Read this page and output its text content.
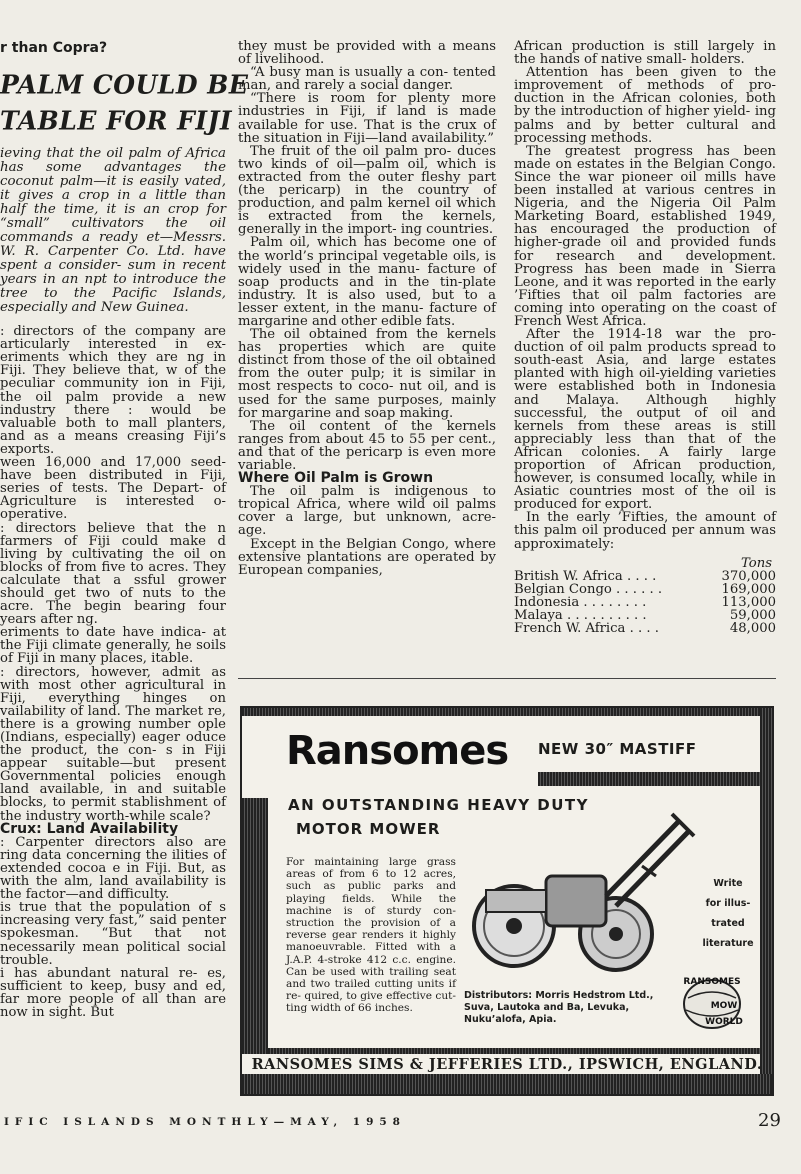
r than Copra?
PALM COULD BE
TABLE FOR FIJI
ieving that the oil palm of Africa has some advantages the coconut palm—it is easily vated, it gives a crop in a little than half the time, it is an crop for “small” cultivators the oil commands a ready et—Messrs. W. R. Carpenter Co. Ltd. have spent a consider- sum in recent years in an npt to introduce the tree to the Pacific Islands, especially and New Guinea.

: directors of the company are articularly interested in ex- eriments which they are ng in Fiji. They believe that, w of the peculiar community ion in Fiji, the oil palm provide a new industry there : would be valuable both to mall planters, and as a means creasing Fiji’s exports.

ween 16,000 and 17,000 seed- have been distributed in Fiji, series of tests. The Depart- of Agriculture is interested o-operative.

: directors believe that the n farmers of Fiji could make d living by cultivating the oil on blocks of from five to acres. They calculate that a ssful grower should get two of nuts to the acre. The begin bearing four years after ng.

eriments to date have indica- at the Fiji climate generally, he soils of Fiji in many places, itable.

: directors, however, admit as with most other agricultural in Fiji, everything hinges on vailability of land. The market re, there is a growing number ople (Indians, especially) eager oduce the product, the con- s in Fiji appear suitable—but present Governmental policies enough land available, in and suitable blocks, to permit stablishment of the industry worth-while scale?

Crux: Land Availability

: Carpenter directors also are ring data concerning the ilities of extended cocoa e in Fiji. But, as with the alm, land availability is the factor—and difficulty.

is true that the population of s increasing very fast,” said penter spokesman. “But that not necessarily mean political social trouble.

i has abundant natural re- es, sufficient to keep, busy and ed, far more people of all than are now in sight. But

they must be provided with a means of livelihood.

“A busy man is usually a con- tented man, and rarely a social danger.

“There is room for plenty more industries in Fiji, if land is made available for use. That is the crux of the situation in Fiji—land availability.”

The fruit of the oil palm pro- duces two kinds of oil—palm oil, which is extracted from the outer fleshy part (the pericarp) in the country of production, and palm kernel oil which is extracted from the kernels, generally in the import- ing countries.

Palm oil, which has become one of the world’s principal vegetable oils, is widely used in the manu- facture of soap products and in the tin-plate industry. It is also used, but to a lesser extent, in the manu- facture of margarine and other edible fats.

The oil obtained from the kernels has properties which are quite distinct from those of the oil obtained from the outer pulp; it is similar in most respects to coco- nut oil, and is used for the same purposes, mainly for margarine and soap making.

The oil content of the kernels ranges from about 45 to 55 per cent., and that of the pericarp is even more variable.

Where Oil Palm is Grown

The oil palm is indigenous to tropical Africa, where wild oil palms cover a large, but unknown, acre- age.

Except in the Belgian Congo, where extensive plantations are operated by European companies,

African production is still largely in the hands of native small- holders.

Attention has been given to the improvement of methods of pro- duction in the African colonies, both by the introduction of higher yield- ing palms and by better cultural and processing methods.

The greatest progress has been made on estates in the Belgian Congo. Since the war pioneer oil mills have been installed at various centres in Nigeria, and the Nigeria Oil Palm Marketing Board, established 1949, has encouraged the production of higher-grade oil and provided funds for research and development. Progress has been made in Sierra Leone, and it was reported in the early ’Fifties that oil palm factories are coming into operating on the coast of French West Africa.

After the 1914-18 war the pro- duction of oil palm products spread to south-east Asia, and large estates planted with high oil-yielding varieties were established both in Indonesia and Malaya. Although highly successful, the output of oil and kernels from these areas is still appreciably less than that of the African colonies. A fairly large proportion of African production, however, is consumed locally, while in Asiatic countries most of the oil is produced for export.

In the early ’Fifties, the amount of this palm oil produced per annum was approximately:

Tons
British W. Africa . . . .	370,000
Belgian Congo . . . . . .	169,000
Indonesia . . . . . . . .	113,000
Malaya . . . . . . . . . .	59,000
French W. Africa . . . .	48,000
Ransomes NEW 30″ MASTIFF
AN OUTSTANDING HEAVY DUTY
MOTOR MOWER
For maintaining large grass areas of from 6 to 12 acres, such as public parks and playing fields. While the machine is of sturdy con- struction the provision of a reverse gear renders it highly manoeuvrable. Fitted with a J.A.P. 4-stroke 412 c.c. engine. Can be used with trailing seat and two trailed cutting units if re- quired, to give effective cut- ting width of 66 inches.
Write
for illus-
trated
literature
Distributors: Morris Hedstrom Ltd., Suva, Lautoka and Ba, Levuka, Nuku’alofa, Apia.
RANSOMES
MOW
WORLD
RANSOMES SIMS & JEFFERIES LTD., IPSWICH, ENGLAND.
IFIC ISLANDS MONTHLY—MAY, 1958	29
